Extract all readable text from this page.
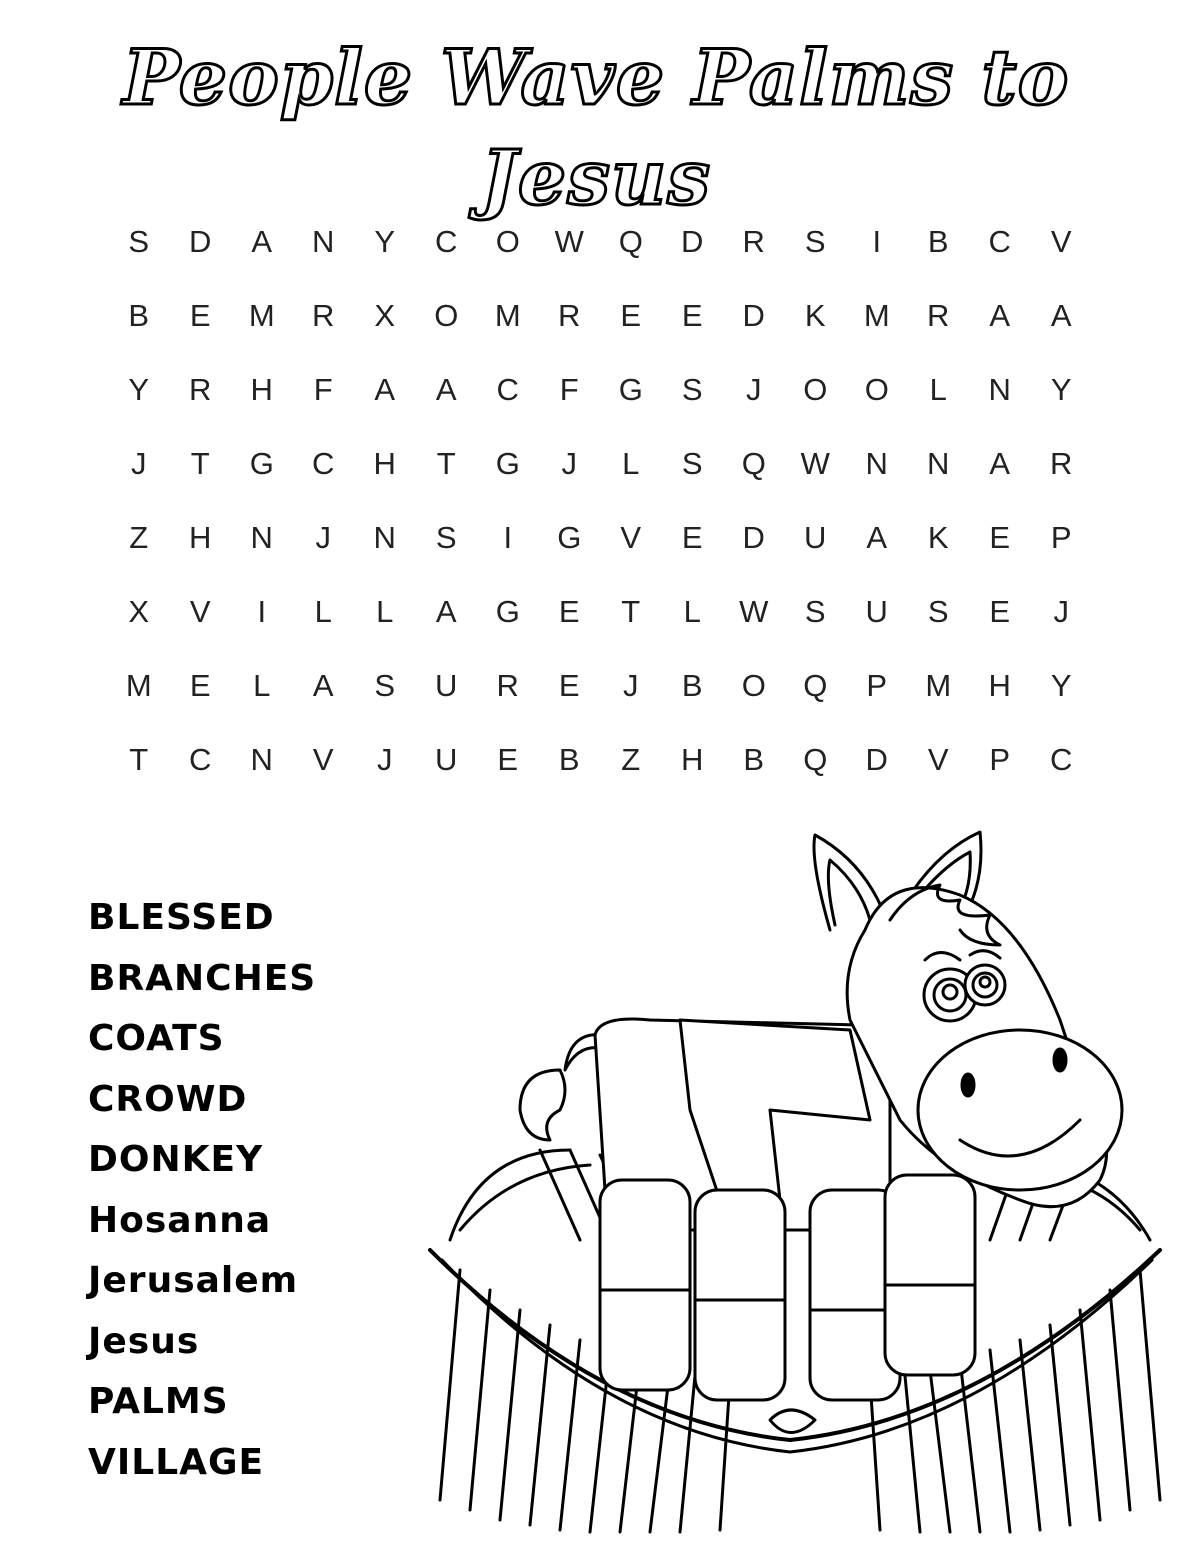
People Wave Palms to Jesus
S	D	A	N	Y	C	O	W	Q	D	R	S	I	B	C	V
B	E	M	R	X	O	M	R	E	E	D	K	M	R	A	A
Y	R	H	F	A	A	C	F	G	S	J	O	O	L	N	Y
J	T	G	C	H	T	G	J	L	S	Q	W	N	N	A	R
Z	H	N	J	N	S	I	G	V	E	D	U	A	K	E	P
X	V	I	L	L	A	G	E	T	L	W	S	U	S	E	J
M	E	L	A	S	U	R	E	J	B	O	Q	P	M	H	Y
T	C	N	V	J	U	E	B	Z	H	B	Q	D	V	P	C
BLESSED
BRANCHES
COATS
CROWD
DONKEY
Hosanna
Jerusalem
Jesus
PALMS
VILLAGE
